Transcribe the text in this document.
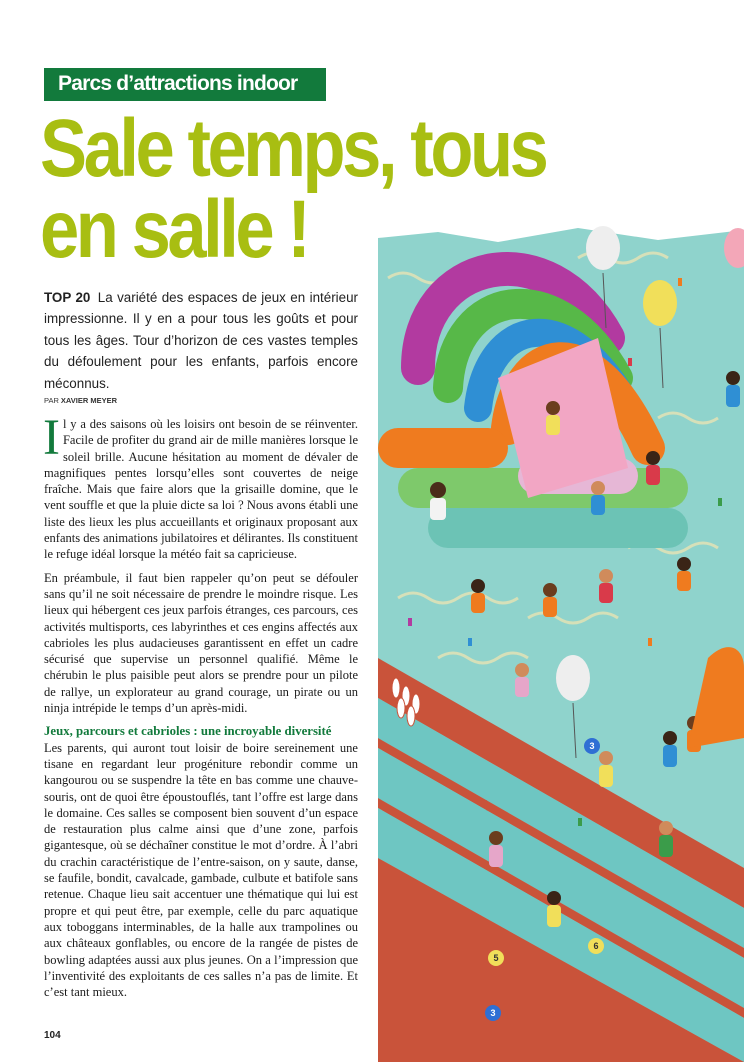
Parcs d’attractions indoor
Sale temps, tous
en salle !
TOP 20 La variété des espaces de jeux en intérieur impressionne. Il y en a pour tous les goûts et pour tous les âges. Tour d’horizon de ces vastes temples du défoulement pour les enfants, parfois encore méconnus.
PAR XAVIER MEYER

Il y a des saisons où les loisirs ont besoin de se réinventer. Facile de profiter du grand air de mille manières lorsque le soleil brille. Aucune hésitation au moment de dévaler de magnifiques pentes lorsqu’elles sont couvertes de neige fraîche. Mais que faire alors que la grisaille domine, que le vent souffle et que la pluie dicte sa loi ? Nous avons établi une liste des lieux les plus accueillants et originaux proposant aux enfants des animations jubilatoires et délirantes. Ils constituent le refuge idéal lorsque la météo fait sa capricieuse.

En préambule, il faut bien rappeler qu’on peut se défouler sans qu’il ne soit nécessaire de prendre le moindre risque. Les lieux qui hébergent ces jeux parfois étranges, ces parcours, ces activités multisports, ces labyrinthes et ces engins affectés aux cabrioles les plus audacieuses garantissent en effet un cadre sécurisé que supervise un personnel qualifié. Même le chérubin le plus paisible peut alors se prendre pour un pilote de rallye, un explorateur au grand courage, un pirate ou un ninja intrépide le temps d’un après-midi.

Jeux, parcours et cabrioles : une incroyable diversité

Les parents, qui auront tout loisir de boire sereinement une tisane en regardant leur progéniture rebondir comme un kangourou ou se suspendre la tête en bas comme une chauve-souris, ont de quoi être époustouflés, tant l’offre est large dans le domaine. Ces salles se composent bien souvent d’un espace de restauration plus calme ainsi que d’une zone, parfois gigantesque, où se déchaîner constitue le mot d’ordre. À l’abri du crachin caractéristique de l’entre-saison, on y saute, danse, se faufile, bondit, cavalcade, gambade, culbute et batifole sans retenue. Chaque lieu sait accentuer une thématique qui lui est propre et qui peut être, par exemple, celle du parc aquatique aux toboggans interminables, de la halle aux trampolines ou aux châteaux gonflables, ou encore de la rangée de pistes de bowling adaptées aussi aux plus jeunes. On a l’impression que l’inventivité des exploitants de ces salles n’a pas de limite. Et c’est tant mieux.

104
3
6
5
3
